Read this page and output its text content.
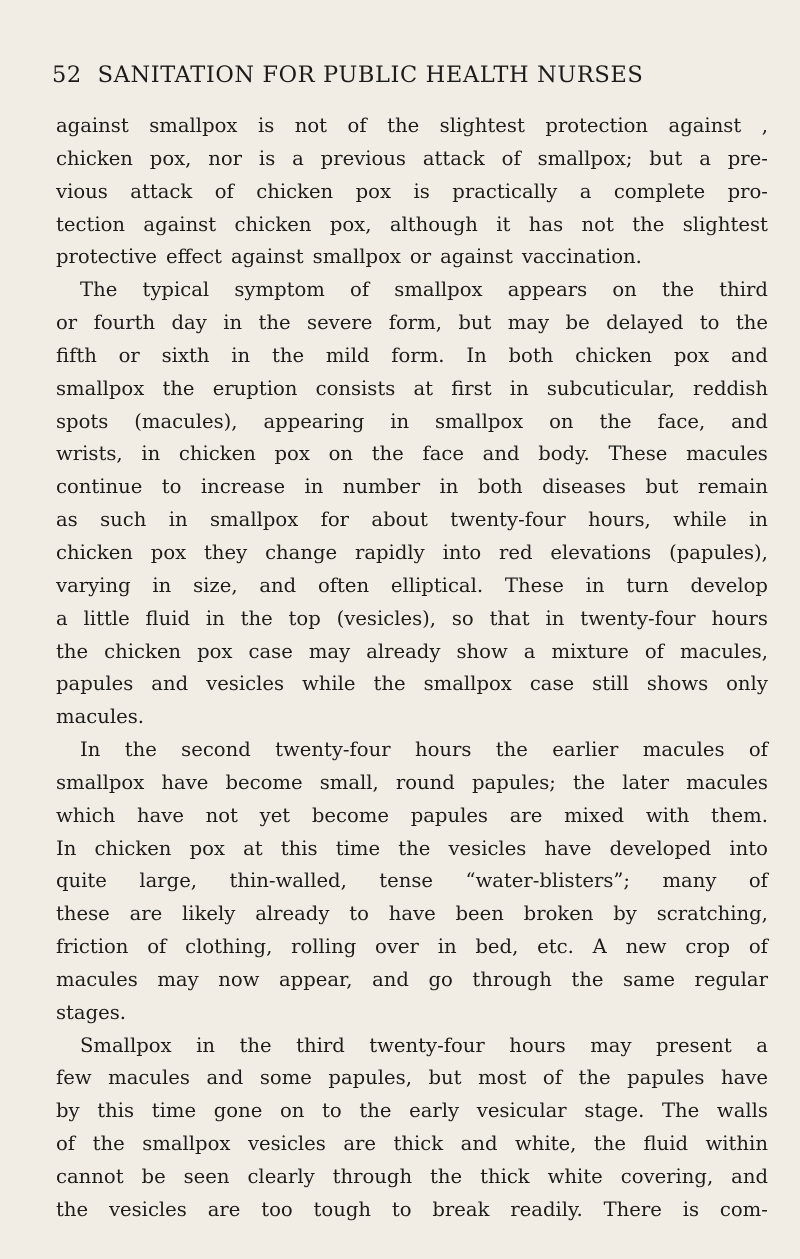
52 SANITATION FOR PUBLIC HEALTH NURSES
against smallpox is not of the slightest protection against ,
chicken pox, nor is a previous attack of smallpox; but a pre-
vious attack of chicken pox is practically a complete pro-
tection against chicken pox, although it has not the slightest
protective effect against smallpox or against vaccination.
The typical symptom of smallpox appears on the third
or fourth day in the severe form, but may be delayed to the
fifth or sixth in the mild form. In both chicken pox and
smallpox the eruption consists at first in subcuticular, reddish
spots (macules), appearing in smallpox on the face, and
wrists, in chicken pox on the face and body. These macules
continue to increase in number in both diseases but remain
as such in smallpox for about twenty-four hours, while in
chicken pox they change rapidly into red elevations (papules),
varying in size, and often elliptical. These in turn develop
a little fluid in the top (vesicles), so that in twenty-four hours
the chicken pox case may already show a mixture of macules,
papules and vesicles while the smallpox case still shows only
macules.
In the second twenty-four hours the earlier macules of
smallpox have become small, round papules; the later macules
which have not yet become papules are mixed with them.
In chicken pox at this time the vesicles have developed into
quite large, thin-walled, tense “water-blisters”; many of
these are likely already to have been broken by scratching,
friction of clothing, rolling over in bed, etc. A new crop of
macules may now appear, and go through the same regular
stages.
Smallpox in the third twenty-four hours may present a
few macules and some papules, but most of the papules have
by this time gone on to the early vesicular stage. The walls
of the smallpox vesicles are thick and white, the fluid within
cannot be seen clearly through the thick white covering, and
the vesicles are too tough to break readily. There is com-
